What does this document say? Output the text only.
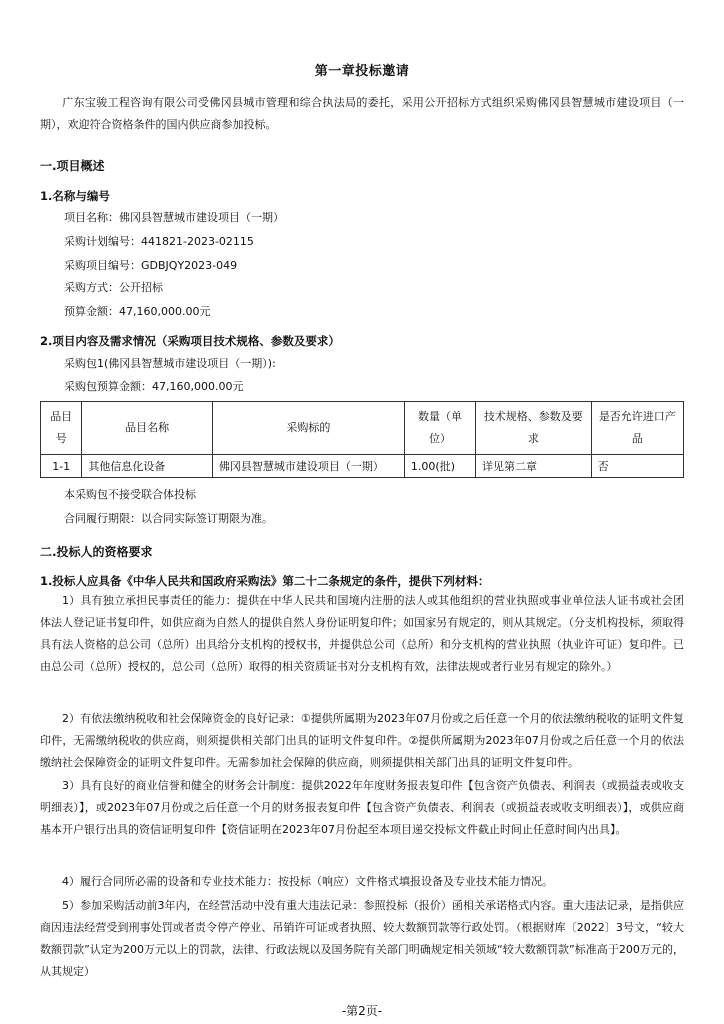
第一章投标邀请
广东宝骏工程咨询有限公司受佛冈县城市管理和综合执法局的委托，采用公开招标方式组织采购佛冈县智慧城市建设项目（一期），欢迎符合资格条件的国内供应商参加投标。
一.项目概述
1.名称与编号
项目名称：佛冈县智慧城市建设项目（一期）
采购计划编号：441821-2023-02115
采购项目编号：GDBJQY2023-049
采购方式：公开招标
预算金额：47,160,000.00元
2.项目内容及需求情况（采购项目技术规格、参数及要求）
采购包1(佛冈县智慧城市建设项目（一期）):
采购包预算金额：47,160,000.00元
品目号	品目名称	采购标的	数量（单位）	技术规格、参数及要求	是否允许进口产品
1-1	其他信息化设备	佛冈县智慧城市建设项目（一期）	1.00(批)	详见第二章	否
本采购包不接受联合体投标
合同履行期限：以合同实际签订期限为准。
二.投标人的资格要求
1.投标人应具备《中华人民共和国政府采购法》第二十二条规定的条件，提供下列材料：
1）具有独立承担民事责任的能力：提供在中华人民共和国境内注册的法人或其他组织的营业执照或事业单位法人证书或社会团体法人登记证书复印件，如供应商为自然人的提供自然人身份证明复印件；如国家另有规定的，则从其规定。（分支机构投标，须取得具有法人资格的总公司（总所）出具给分支机构的授权书，并提供总公司（总所）和分支机构的营业执照（执业许可证）复印件。已由总公司（总所）授权的，总公司（总所）取得的相关资质证书对分支机构有效，法律法规或者行业另有规定的除外。）
2）有依法缴纳税收和社会保障资金的良好记录：①提供所属期为2023年07月份或之后任意一个月的依法缴纳税收的证明文件复印件，无需缴纳税收的供应商，则须提供相关部门出具的证明文件复印件。②提供所属期为2023年07月份或之后任意一个月的依法缴纳社会保障资金的证明文件复印件。无需参加社会保障的供应商，则须提供相关部门出具的证明文件复印件。
3）具有良好的商业信誉和健全的财务会计制度：提供2022年年度财务报表复印件【包含资产负债表、利润表（或损益表或收支明细表）】，或2023年07月份或之后任意一个月的财务报表复印件【包含资产负债表、利润表（或损益表或收支明细表）】，或供应商基本开户银行出具的资信证明复印件【资信证明在2023年07月份起至本项目递交投标文件截止时间止任意时间内出具】。
4）履行合同所必需的设备和专业技术能力：按投标（响应）文件格式填报设备及专业技术能力情况。
5）参加采购活动前3年内，在经营活动中没有重大违法记录：参照投标（报价）函相关承诺格式内容。重大违法记录，是指供应商因违法经营受到刑事处罚或者责令停产停业、吊销许可证或者执照、较大数额罚款等行政处罚。（根据财库〔2022〕3号文，“较大数额罚款”认定为200万元以上的罚款，法律、行政法规以及国务院有关部门明确规定相关领域“较大数额罚款”标准高于200万元的，从其规定）
-第2页-
